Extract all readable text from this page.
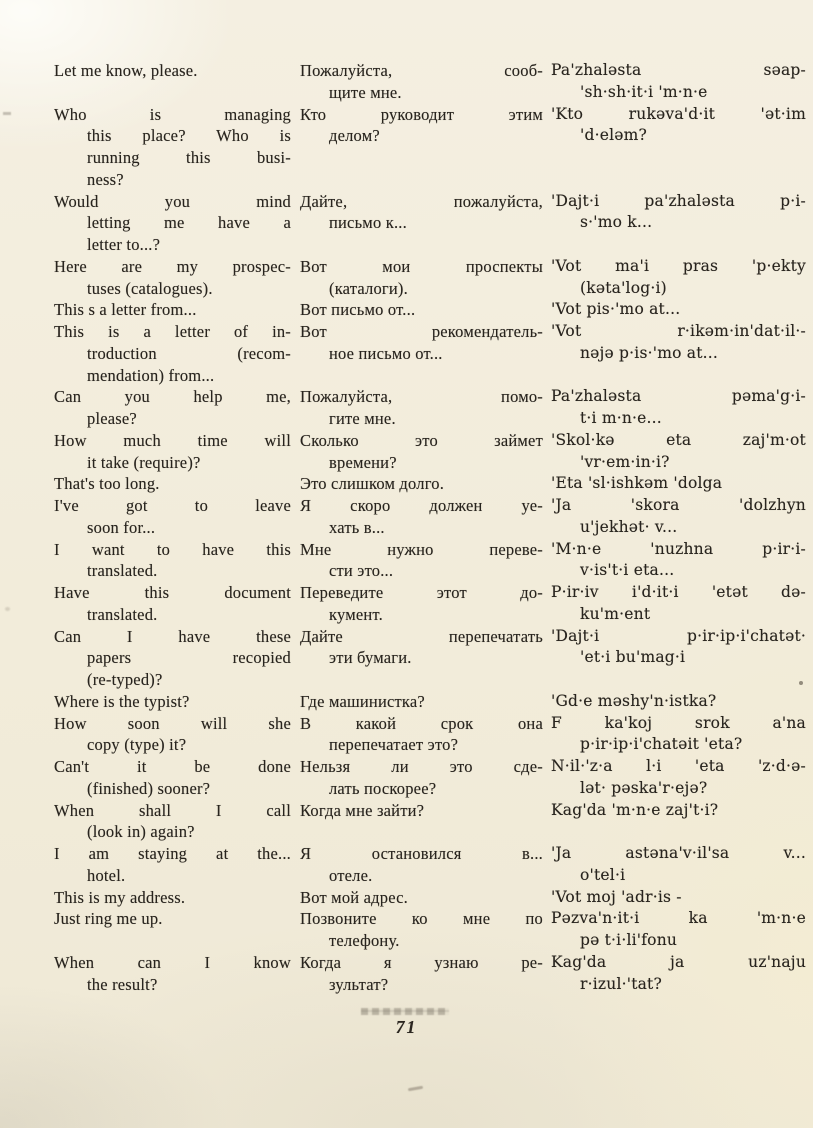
Let me know, please.
Who is managing
this place? Who is
running this busi-
ness?
Would you mind
letting me have a
letter to...?
Here are my prospec-
tuses (catalogues).
This s a letter from...
This is a letter of in-
troduction (recom-
mendation) from...
Can you help me,
please?
How much time will
it take (require)?
That's too long.
I've got to leave
soon for...
I want to have this
translated.
Have this document
translated.
Can I have these
papers recopied
(re-typed)?
Where is the typist?
How soon will she
copy (type) it?
Can't it be done
(finished) sooner?
When shall I call
(look in) again?
I am staying at the...
hotel.
This is my address.
Just ring me up.
When can I know
the result?
Пожалуйста, сооб-
щите мне.
Кто руководит этим
делом?
Дайте, пожалуйста,
письмо к...
Вот мои проспекты
(каталоги).
Вот письмо от...
Вот рекомендатель-
ное письмо от...
Пожалуйста, помо-
гите мне.
Сколько это займет
времени?
Это слишком долго.
Я скоро должен уе-
хать в...
Мне нужно переве-
сти это...
Переведите этот до-
кумент.
Дайте перепечатать
эти бумаги.
Где машинистка?
В какой срок она
перепечатает это?
Нельзя ли это сде-
лать поскорее?
Когда мне зайти?
Я остановился в...
отеле.
Вот мой адрес.
Позвоните ко мне по
телефону.
Когда я узнаю ре-
зультат?
Pa'zhaləsta səap-
'sh·sh·it·i 'm·n·e
'Kto rukəva'd·it 'ət·im
'd·eləm?
'Dajt·i pa'zhaləsta p·i-
s·'mo k...
'Vot ma'i pras 'p·ekty
(kəta'log·i)
'Vot pis·'mo at...
'Vot r·ikəm·in'dat·il·-
nəjə p·is·'mo at...
Pa'zhaləsta pəma'g·i-
t·i m·n·e...
'Skol·kə eta zaj'm·ot
'vr·em·in·i?
'Eta 'sl·ishkəm 'dolga
'Ja 'skora 'dolzhyn
u'jekhət· v...
'M·n·e 'nuzhna p·ir·i-
v·is't·i eta...
P·ir·iv i'd·it·i 'etət də-
ku'm·ent
'Dajt·i p·ir·ip·i'chatət·
'et·i bu'mag·i
'Gd·e məshy'n·istka?
F ka'koj srok a'na
p·ir·ip·i'chatəit 'eta?
N·il·'z·a l·i 'eta 'z·d·ə-
lət· pəska'r·ejə?
Kag'da 'm·n·e zaj't·i?
'Ja astəna'v·il'sa v...
o'tel·i
'Vot moj 'adr·is -
Pəzva'n·it·i ka 'm·n·e
pə t·i·li'fonu
Kag'da ja uz'naju
r·izul·'tat?
71
